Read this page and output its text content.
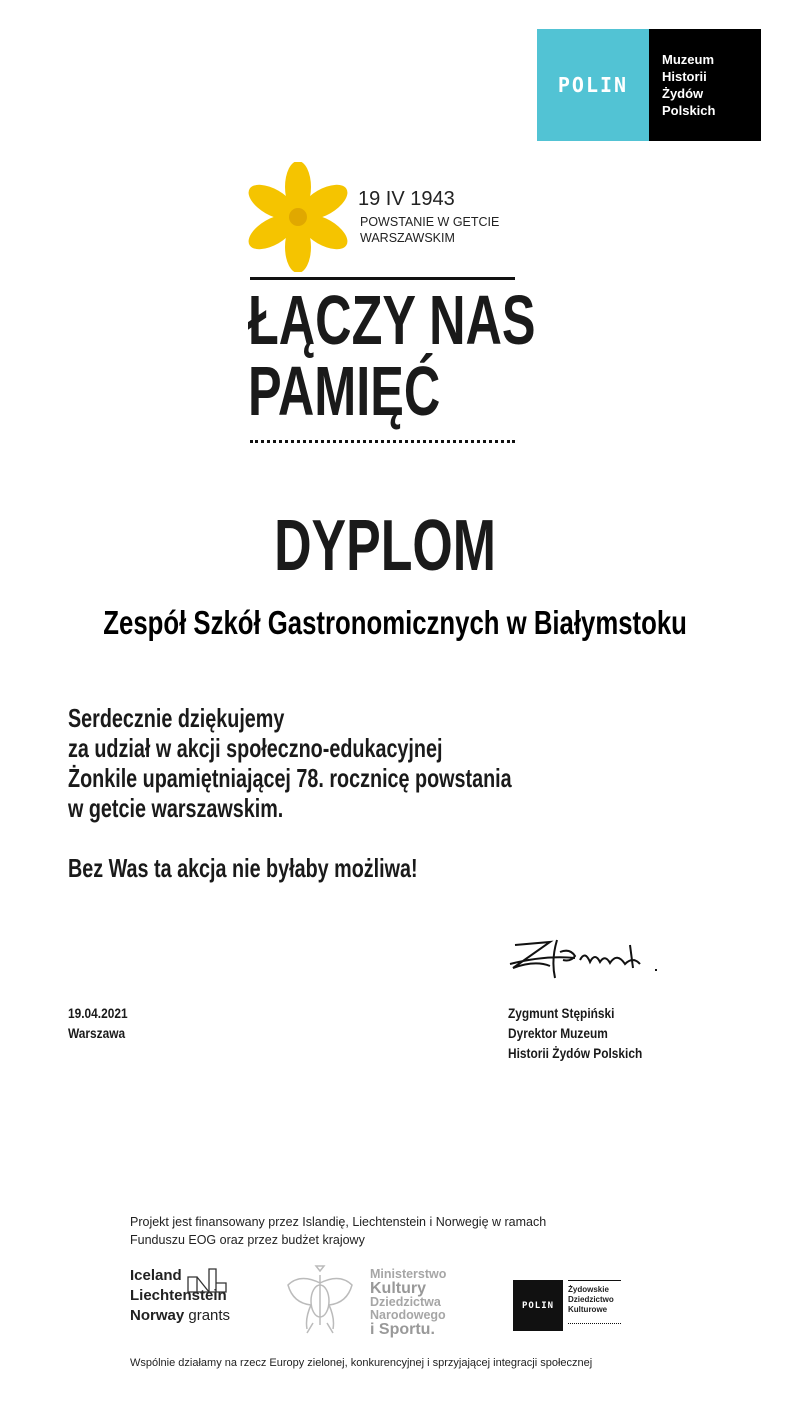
POLIN
Muzeum
Historii
Żydów
Polskich
19 IV 1943
POWSTANIE W GETCIE
WARSZAWSKIM
ŁĄCZY NAS
PAMIĘĆ
DYPLOM
Zespół Szkół Gastronomicznych w Białymstoku
Serdecznie dziękujemy
za udział w akcji społeczno-edukacyjnej
Żonkile upamiętniającej 78. rocznicę powstania
w getcie warszawskim.
Bez Was ta akcja nie byłaby możliwa!
19.04.2021
Warszawa
Zygmunt Stępiński
Dyrektor Muzeum
Historii Żydów Polskich
Projekt jest finansowany przez Islandię, Liechtenstein i Norwegię w ramach
Funduszu EOG oraz przez budżet krajowy
Iceland
Liechtenstein
Norway grants
Ministerstwo
Kultury
Dziedzictwa
Narodowego
i Sportu.
POLIN
Żydowskie
Dziedzictwo
Kulturowe
Wspólnie działamy na rzecz Europy zielonej, konkurencyjnej i sprzyjającej integracji społecznej
